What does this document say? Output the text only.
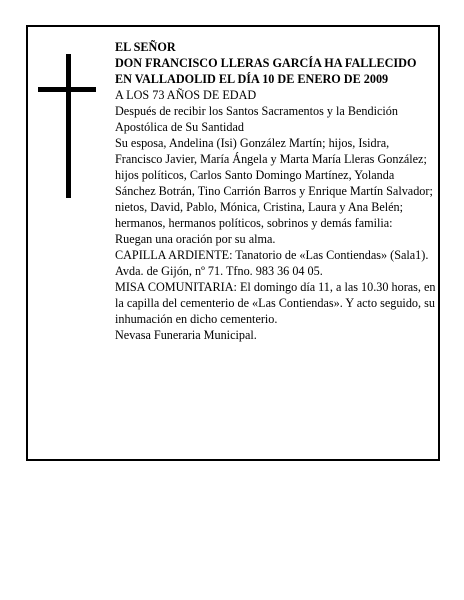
EL SEÑOR

DON FRANCISCO LLERAS GARCÍA HA FALLECIDO EN VALLADOLID EL DÍA 10 DE ENERO DE 2009

A LOS 73 AÑOS DE EDAD

Después de recibir los Santos Sacramentos y la Bendición Apostólica de Su Santidad

Su esposa, Andelina (Isi) González Martín; hijos, Isidra, Francisco Javier, María Ángela y Marta María Lleras González; hijos políticos, Carlos Santo Domingo Martínez, Yolanda Sánchez Botrán, Tino Carrión Barros y Enrique Martín Salvador; nietos, David, Pablo, Mónica, Cristina, Laura y Ana Belén; hermanos, hermanos políticos, sobrinos y demás familia:

Ruegan una oración por su alma.

CAPILLA ARDIENTE: Tanatorio de «Las Contiendas» (Sala1). Avda. de Gijón, nº 71. Tfno. 983 36 04 05.

MISA COMUNITARIA: El domingo día 11, a las 10.30 horas, en la capilla del cementerio de «Las Contiendas». Y acto seguido, su inhumación en dicho cementerio.

Nevasa Funeraria Municipal.
